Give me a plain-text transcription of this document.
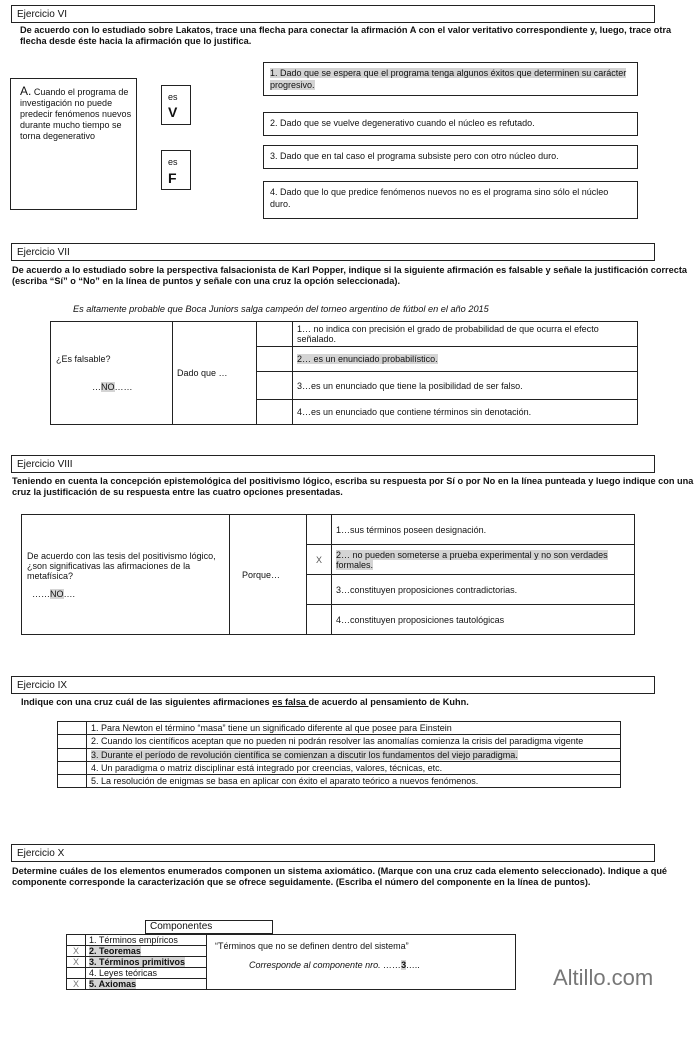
Ejercicio VI
De acuerdo con lo estudiado sobre Lakatos, trace una flecha para conectar la afirmación A con el valor veritativo correspondiente y, luego, trace otra flecha desde éste hacia la afirmación que lo justifica.
A. Cuando el programa de investigación no puede predecir fenómenos nuevos durante mucho tiempo se torna degenerativo
es
V
es
F
1. Dado que se espera que el programa tenga algunos éxitos que determinen su carácter progresivo.
2. Dado que se vuelve degenerativo cuando el núcleo es refutado.
3. Dado que en tal caso el programa subsiste pero con otro núcleo duro.
4. Dado que lo que predice fenómenos nuevos no es el programa sino sólo el núcleo duro.
Ejercicio VII
De acuerdo a lo estudiado sobre la perspectiva falsacionista de Karl Popper, indique si la siguiente afirmación es falsable y señale la justificación correcta (escriba “Sí” o “No” en la línea de puntos y señale con una cruz la opción seleccionada).
Es altamente probable que Boca Juniors salga campeón del torneo argentino de fútbol en el año 2015
¿Es falsable?
…NO……	Dado que …		1… no indica con precisión el grado de probabilidad de que ocurra el efecto señalado.
			2… es un enunciado probabilístico.
			3…es un enunciado que tiene la posibilidad de ser falso.
			4…es un enunciado que contiene términos sin denotación.
Ejercicio VIII
Teniendo en cuenta la concepción epistemológica del positivismo lógico, escriba su respuesta por Sí o por No en la línea punteada y luego indique con una cruz la justificación de su respuesta entre las cuatro opciones presentadas.
De acuerdo con las tesis del positivismo lógico, ¿son significativas las afirmaciones de la metafísica?
……NO….	Porque…		1…sus términos poseen designación.
		X	2… no pueden someterse a prueba experimental y no son verdades formales.
			3…constituyen proposiciones contradictorias.
			4…constituyen proposiciones tautológicas
Ejercicio IX
Indique con una cruz cuál de las siguientes afirmaciones es falsa de acuerdo al pensamiento de Kuhn.
	1. Para Newton el término “masa” tiene un significado diferente al que posee para Einstein
	2. Cuando los científicos aceptan que no pueden ni podrán resolver las anomalías comienza la crisis del paradigma vigente
	3. Durante el período de revolución científica se comienzan a discutir los fundamentos del viejo paradigma.
	4. Un paradigma o matriz disciplinar está integrado por creencias, valores, técnicas, etc.
	5. La resolución de enigmas se basa en aplicar con éxito el aparato teórico a nuevos fenómenos.
Ejercicio X
Determine cuáles de los elementos enumerados componen un sistema axiomático. (Marque con una cruz cada elemento seleccionado). Indique a qué componente corresponde la caracterización que se ofrece seguidamente. (Escriba el número del componente en la línea de puntos).
Componentes
	1. Términos empíricos	“Términos que no se definen dentro del sistema”
Corresponde al componente nro. ……3…..

X	2. Teoremas	
X	3. Términos primitivos	
	4. Leyes teóricas	
X	5. Axiomas		Altillo.com
